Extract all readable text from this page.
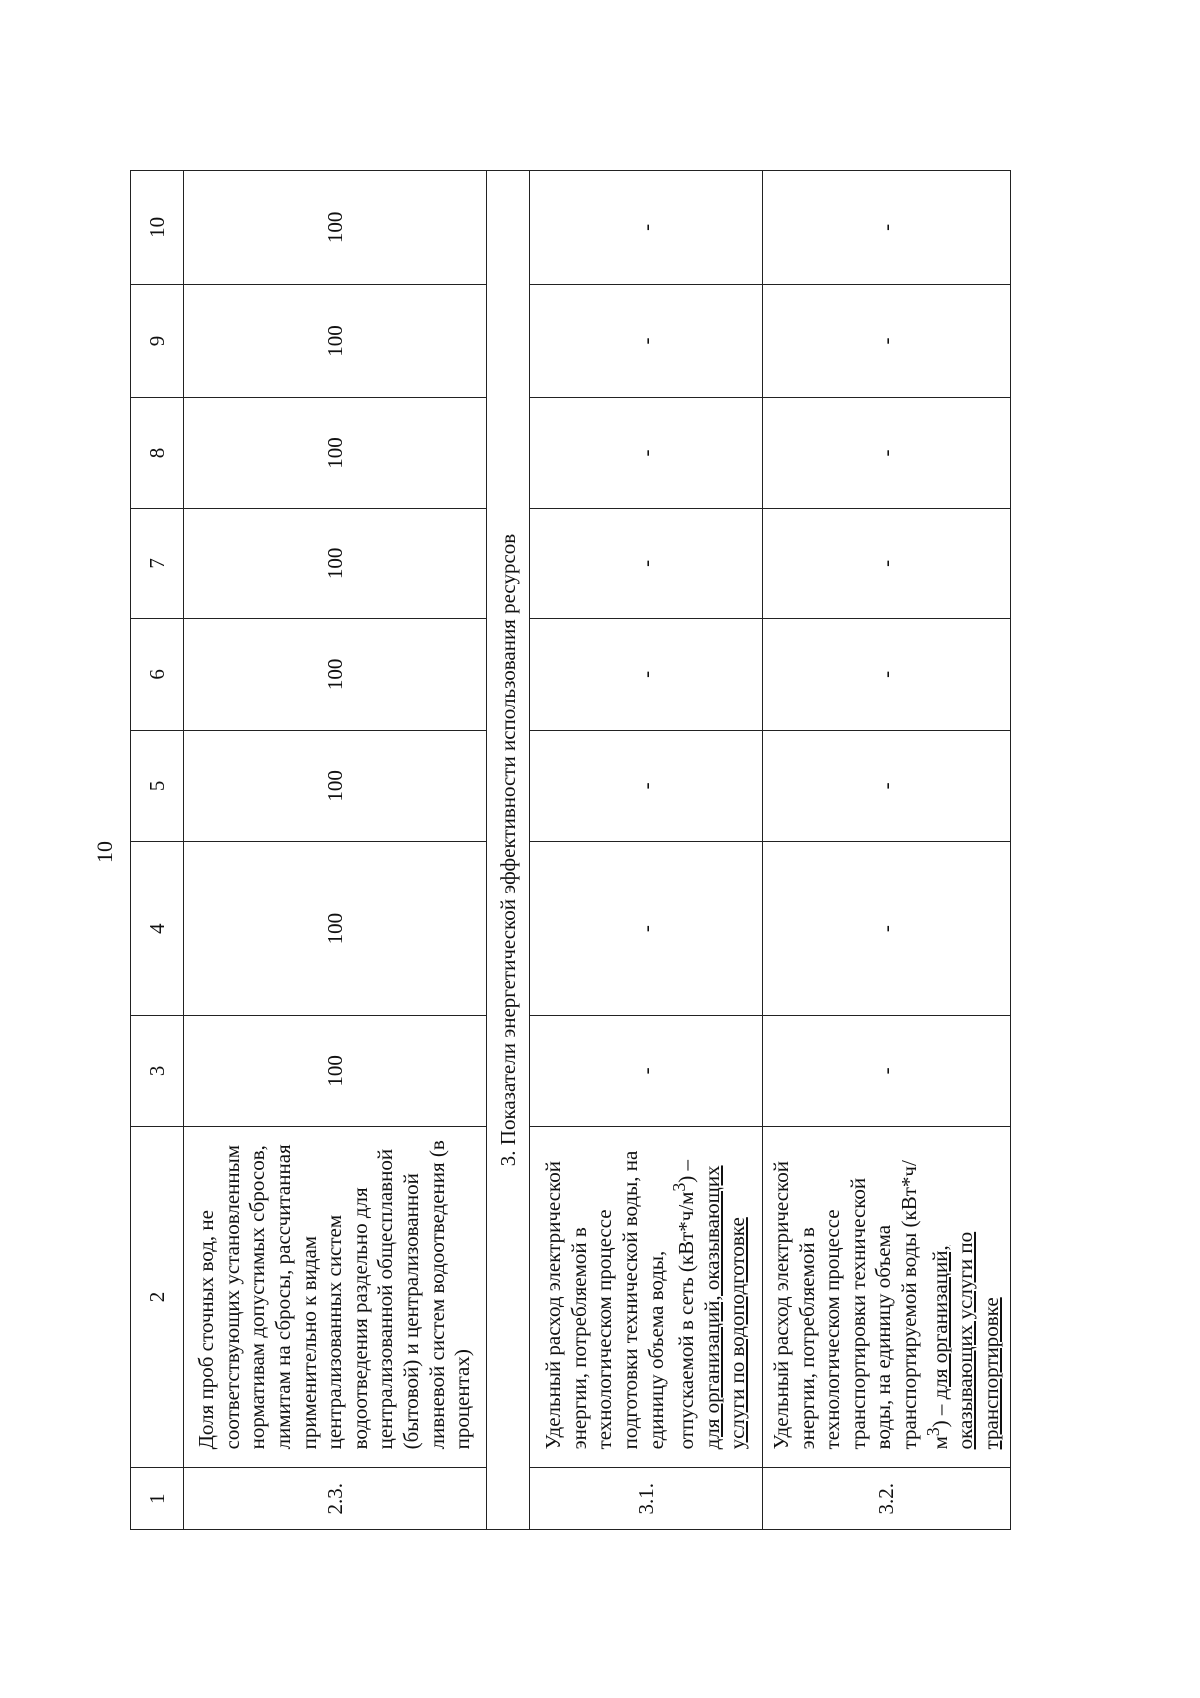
10
1	2	3	4	5	6	7	8	9	10
2.3.	Доля проб сточных вод, не соответствующих установленным нормативам допустимых сбросов, лимитам на сбросы, рассчитанная применительно к видам централизованных систем водоотведения раздельно для централизованной общесплавной (бытовой) и централизованной ливневой систем водоотведения (в процентах)	100	100	100	100	100	100	100	100
3. Показатели энергетической эффективности использования ресурсов									
3.1.	Удельный расход электрической энергии, потребляемой в технологическом процессе подготовки технической воды, на единицу объема воды, отпускаемой в сеть $(кВт*ч/м^3)$ – для организаций, оказывающих услуги по водоподготовке	-	-	-	-	-	-	-	-
3.2.	Удельный расход электрической энергии, потребляемой в технологическом процессе транспортировки технической воды, на единицу объема транспортируемой воды $(кВт*ч/м^3)$ – для организаций, оказывающих услуги по транспортировке	-	-	-	-	-	-	-	-
